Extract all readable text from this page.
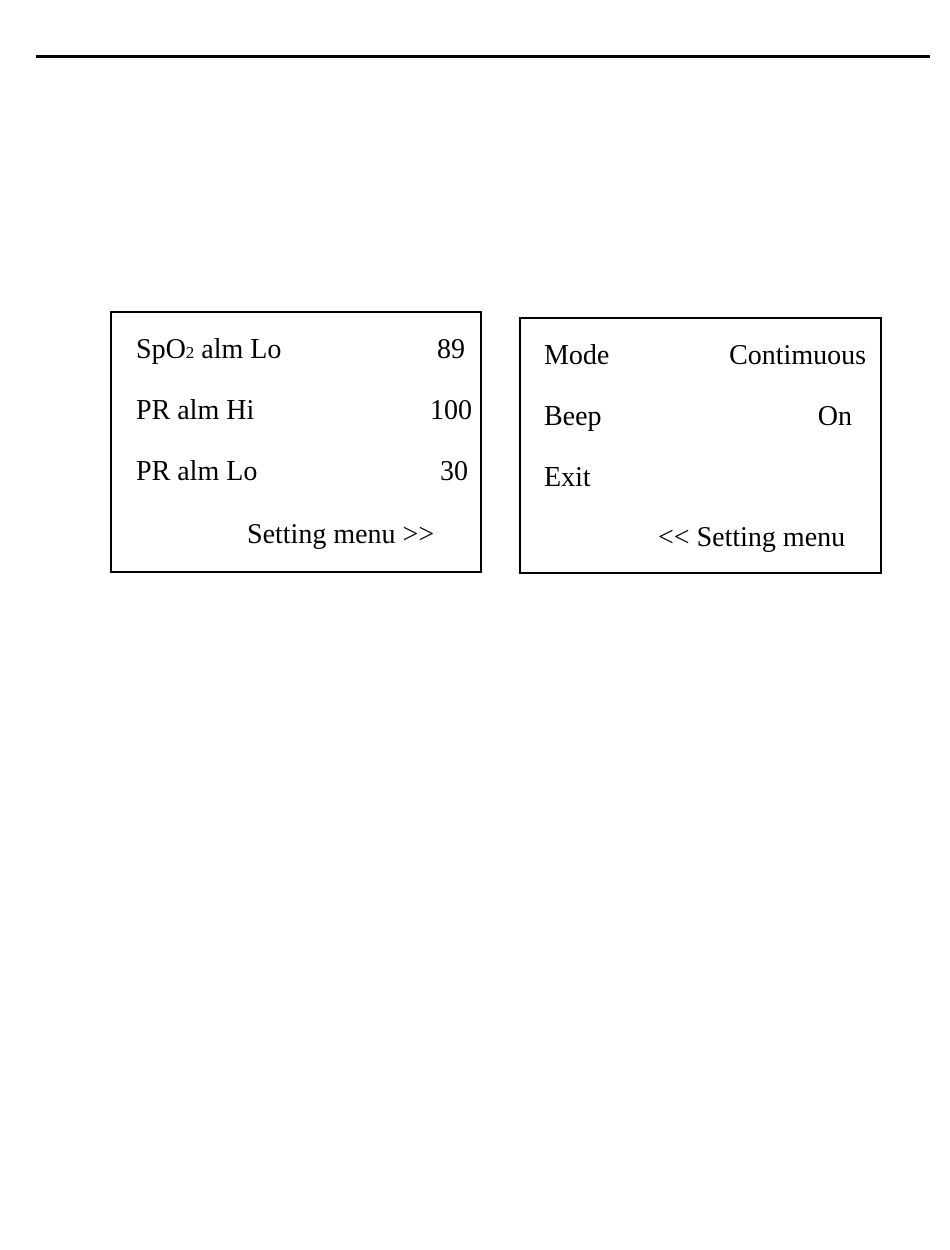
SpO2 alm Lo	89
PR alm Hi	100
PR alm Lo	30
Setting menu >>
Mode	Contimuous
Beep	On
Exit
<< Setting menu
